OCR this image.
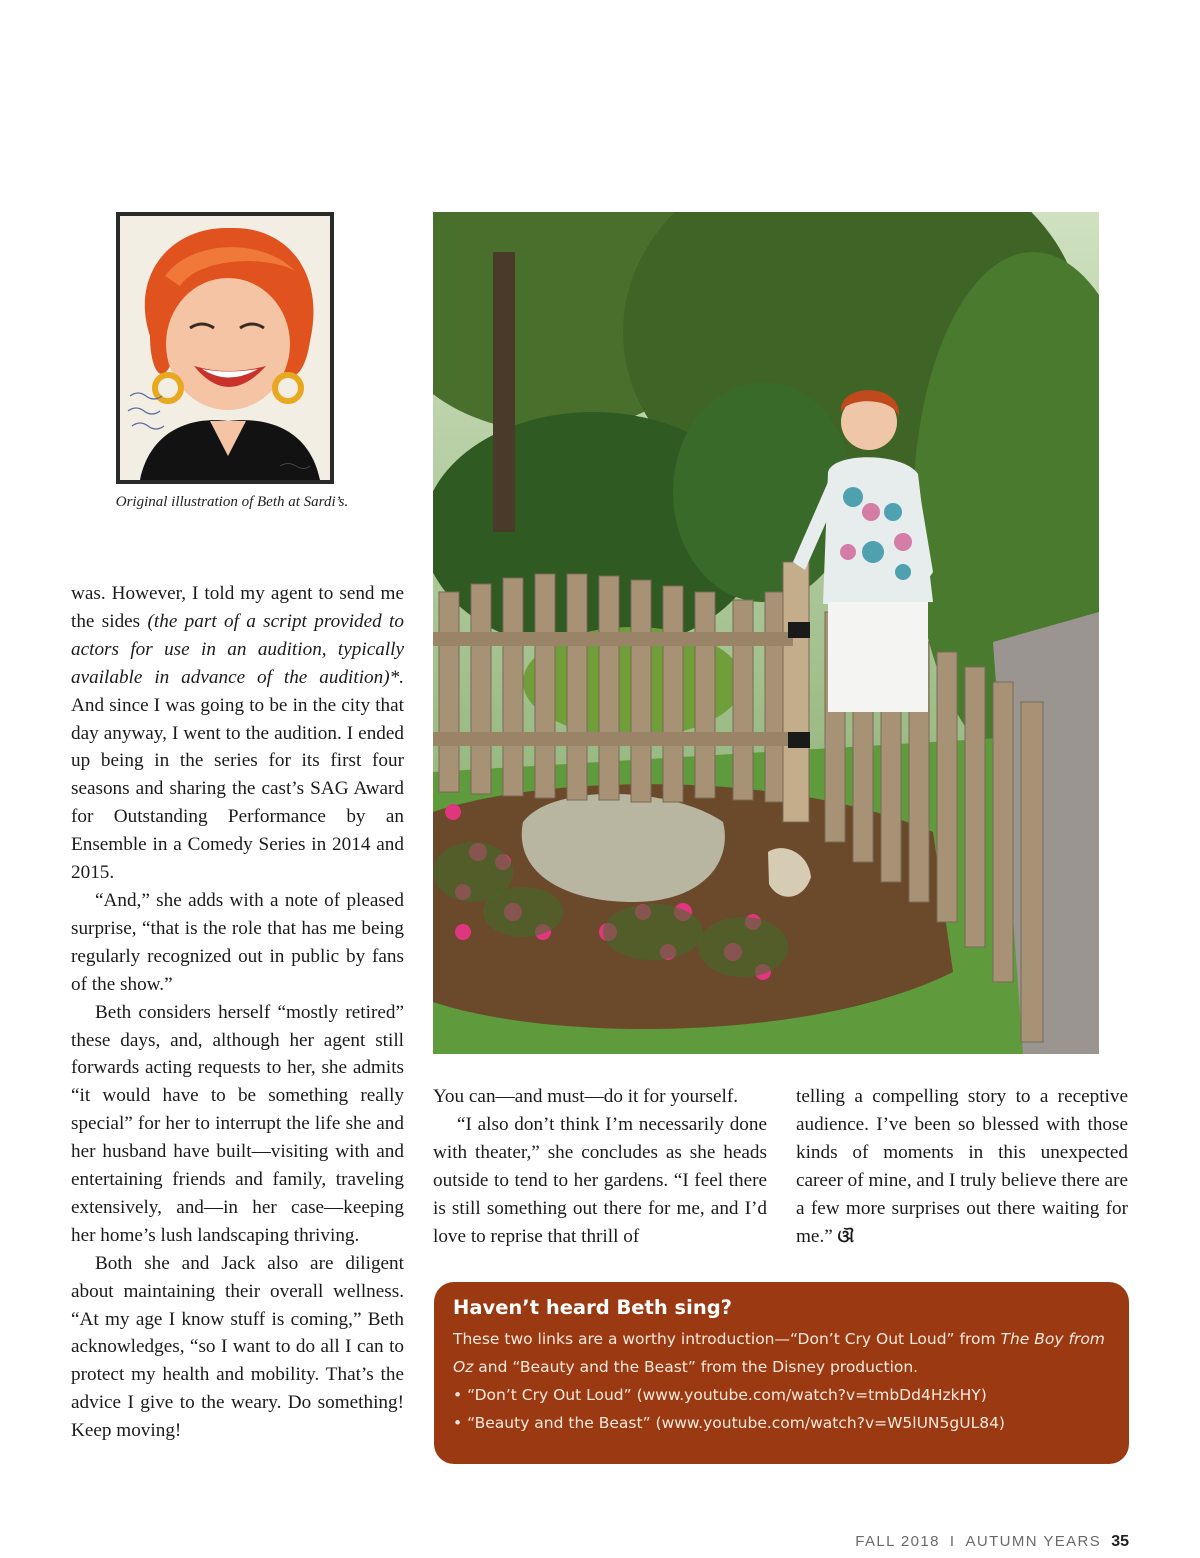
Original illustration of Beth at Sardi’s.

was. However, I told my agent to send me the sides (the part of a script provided to actors for use in an audition, typically available in advance of the audition)*. And since I was going to be in the city that day anyway, I went to the audition. I ended up being in the series for its first four seasons and sharing the cast’s SAG Award for Outstanding Performance by an Ensemble in a Comedy Series in 2014 and 2015.

“And,” she adds with a note of pleased surprise, “that is the role that has me being regularly recognized out in public by fans of the show.”

Beth considers herself “mostly retired” these days, and, although her agent still forwards acting requests to her, she admits “it would have to be something really special” for her to interrupt the life she and her husband have built—visiting with and entertaining friends and family, traveling extensively, and—in her case—keeping her home’s lush landscaping thriving.

Both she and Jack also are diligent about maintaining their overall wellness. “At my age I know stuff is coming,” Beth acknowledges, “so I want to do all I can to protect my health and mobility. That’s the advice I give to the weary. Do something! Keep moving!

You can—and must—do it for yourself.

“I also don’t think I’m necessarily done with theater,” she concludes as she heads outside to tend to her gardens. “I feel there is still something out there for me, and I’d love to reprise that thrill of

telling a compelling story to a receptive audience. I’ve been so blessed with those kinds of moments in this unexpected career of mine, and I truly believe there are a few more surprises out there waiting for me.” ଔ

Haven’t heard Beth sing?
These two links are a worthy introduction—“Don’t Cry Out Loud” from The Boy from Oz and “Beauty and the Beast” from the Disney production.
• “Don’t Cry Out Loud” (www.youtube.com/watch?v=tmbDd4HzkHY)
• “Beauty and the Beast” (www.youtube.com/watch?v=W5lUN5gUL84)
FALL 2018 I AUTUMN YEARS 35
